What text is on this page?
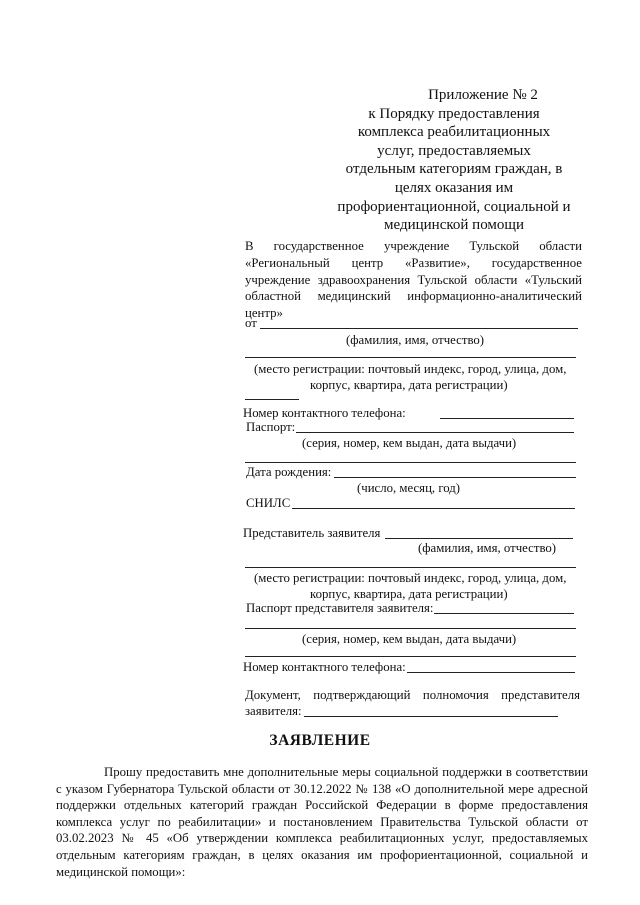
Приложение № 2
к Порядку предоставления
комплекса реабилитационных
услуг, предоставляемых
отдельным категориям граждан, в
целях оказания им
профориентационной, социальной и
медицинской помощи
В государственное учреждение Тульской области «Региональный центр «Развитие», государственное учреждение здравоохранения Тульской области «Тульский областной медицинский информационно-аналитический центр»
от
(фамилия, имя, отчество)
(место регистрации: почтовый индекс, город, улица, дом,
корпус, квартира, дата регистрации)
Номер контактного телефона:
Паспорт:
(серия, номер, кем выдан, дата выдачи)
Дата рождения:
(число, месяц, год)
СНИЛС
Представитель заявителя
(фамилия, имя, отчество)
(место регистрации: почтовый индекс, город, улица, дом,
корпус, квартира, дата регистрации)
Паспорт представителя заявителя:
(серия, номер, кем выдан, дата выдачи)
Номер контактного телефона:
Документ, подтверждающий полномочия представителя
заявителя:
ЗАЯВЛЕНИЕ

Прошу предоставить мне дополнительные меры социальной поддержки в соответствии с указом Губернатора Тульской области от 30.12.2022 № 138 «О дополнительной мере адресной поддержки отдельных категорий граждан Российской Федерации в форме предоставления комплекса услуг по реабилитации» и постановлением Правительства Тульской области от 03.02.2023 № 45 «Об утверждении комплекса реабилитационных услуг, предоставляемых отдельным категориям граждан, в целях оказания им профориентационной, социальной и медицинской помощи»:
